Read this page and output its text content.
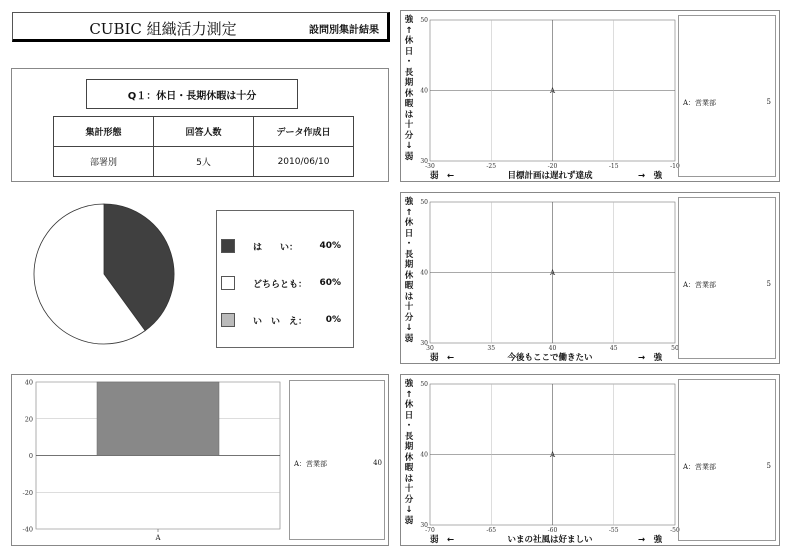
CUBIC 組織活力測定	設問別集計結果
Q１：休日・長期休暇は十分
集計形態	回答人数	データ作成日
部署別	5人	2010/06/10
は　　い：	40%
どちらとも：	60%
い　い　え：	0%
-40
-20
0
20
40
A
A：営業部	40
強
↑
休
日
・
長
期
休
暇
は
十
分
↓
弱
-30	-25	-20	-15	-10
30
40
50
A
弱　←	目標計画は遅れず達成	→　強
A：営業部	5
強
↑
休
日
・
長
期
休
暇
は
十
分
↓
弱
30	35	40	45	50
30
40
50
A
弱　←	今後もここで働きたい	→　強
A：営業部	5
強
↑
休
日
・
長
期
休
暇
は
十
分
↓
弱
-70	-65	-60	-55	-50
30
40
50
A
弱　←	いまの社風は好ましい	→　強
A：営業部	5
